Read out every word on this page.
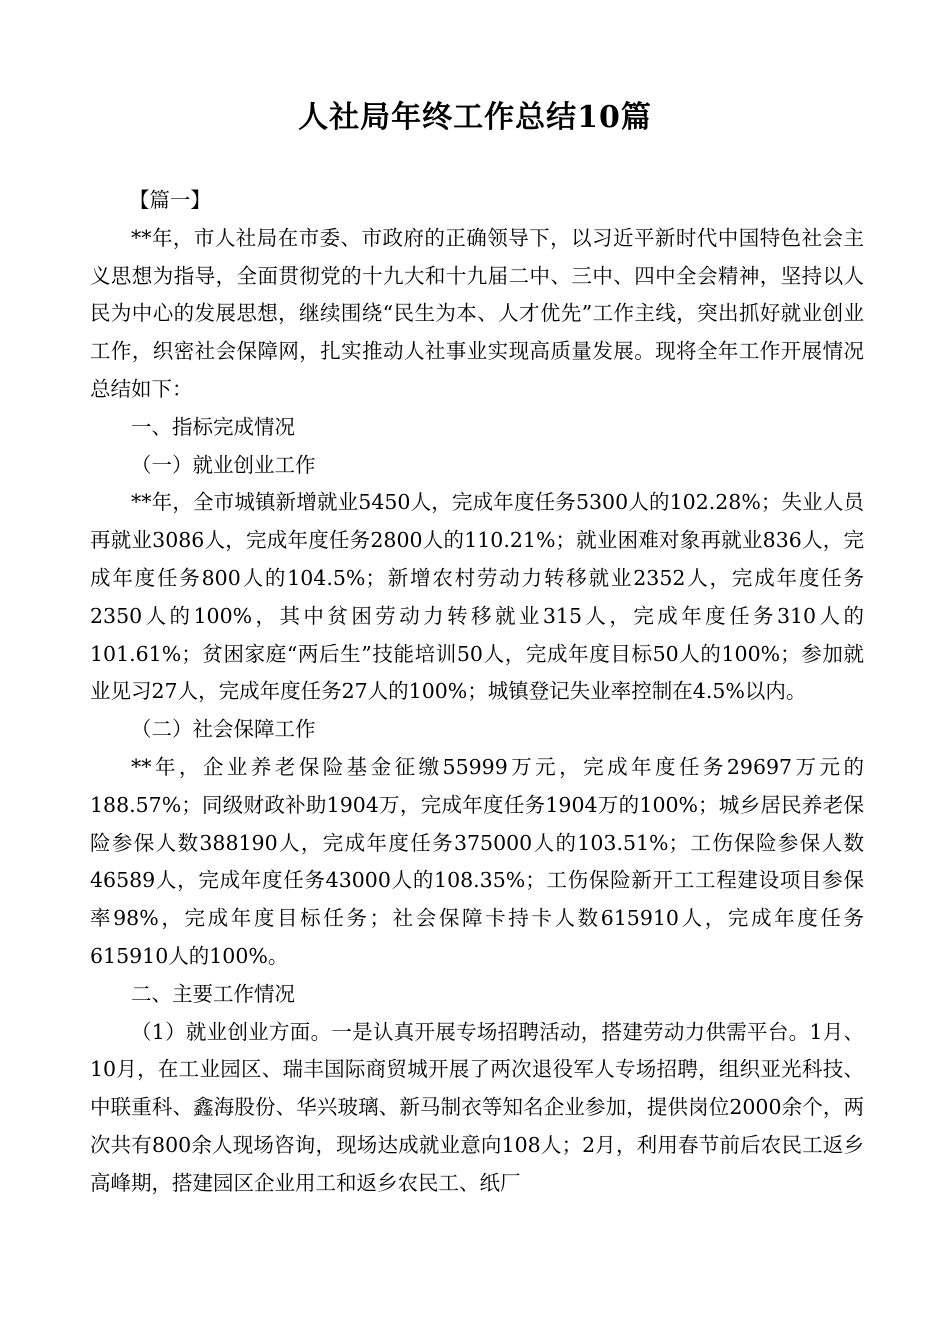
人社局年终工作总结10篇

【篇一】

**年，市人社局在市委、市政府的正确领导下，以习近平新时代中国特色社会主义思想为指导，全面贯彻党的十九大和十九届二中、三中、四中全会精神，坚持以人民为中心的发展思想，继续围绕“民生为本、人才优先”工作主线，突出抓好就业创业工作，织密社会保障网，扎实推动人社事业实现高质量发展。现将全年工作开展情况总结如下：

一、指标完成情况

（一）就业创业工作

**年，全市城镇新增就业5450人，完成年度任务5300人的102.28%；失业人员再就业3086人，完成年度任务2800人的110.21%；就业困难对象再就业836人，完成年度任务800人的104.5%；新增农村劳动力转移就业2352人，完成年度任务2350人的100%，其中贫困劳动力转移就业315人，完成年度任务310人的101.61%；贫困家庭“两后生”技能培训50人，完成年度目标50人的100%；参加就业见习27人，完成年度任务27人的100%；城镇登记失业率控制在4.5%以内。

（二）社会保障工作

**年，企业养老保险基金征缴55999万元，完成年度任务29697万元的188.57%；同级财政补助1904万，完成年度任务1904万的100%；城乡居民养老保险参保人数388190人，完成年度任务375000人的103.51%；工伤保险参保人数46589人，完成年度任务43000人的108.35%；工伤保险新开工工程建设项目参保率98%，完成年度目标任务；社会保障卡持卡人数615910人，完成年度任务615910人的100%。

二、主要工作情况

（1）就业创业方面。一是认真开展专场招聘活动，搭建劳动力供需平台。1月、10月，在工业园区、瑞丰国际商贸城开展了两次退役军人专场招聘，组织亚光科技、中联重科、鑫海股份、华兴玻璃、新马制衣等知名企业参加，提供岗位2000余个，两次共有800余人现场咨询，现场达成就业意向108人；2月，利用春节前后农民工返乡高峰期，搭建园区企业用工和返乡农民工、纸厂
